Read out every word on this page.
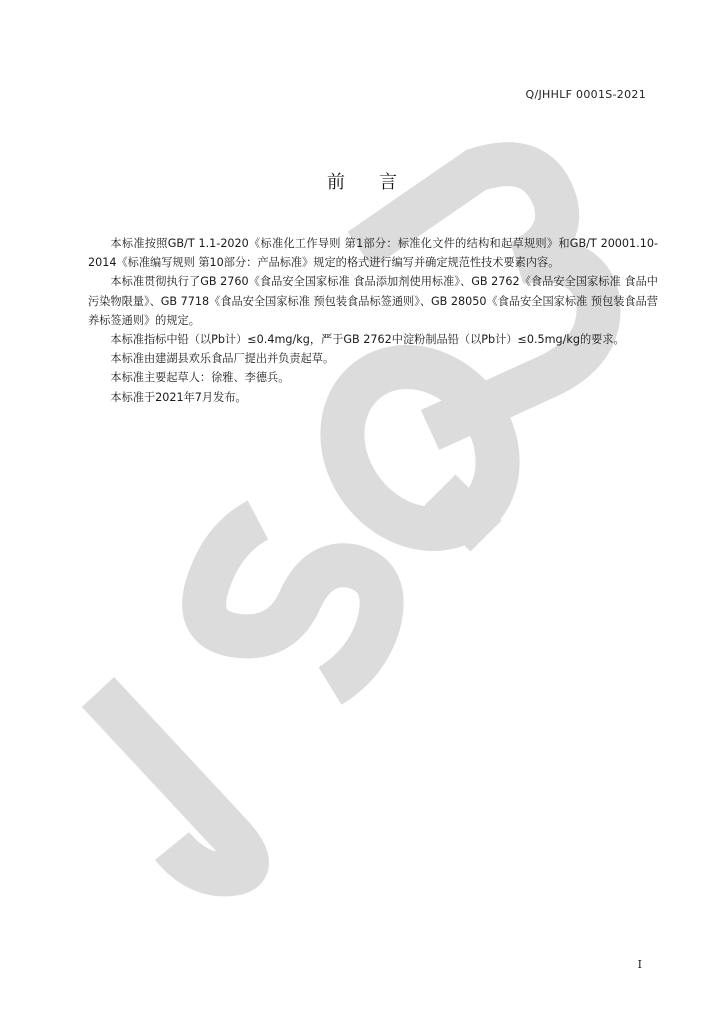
Q/JHHLF 0001S-2021
前言

本标准按照GB/T 1.1-2020《标准化工作导则 第1部分：标准化文件的结构和起草规则》和GB/T 20001.10-2014《标准编写规则 第10部分：产品标准》规定的格式进行编写并确定规范性技术要素内容。

本标准贯彻执行了GB 2760《食品安全国家标准 食品添加剂使用标准》、GB 2762《食品安全国家标准 食品中污染物限量》、GB 7718《食品安全国家标准 预包装食品标签通则》、GB 28050《食品安全国家标准 预包装食品营养标签通则》的规定。

本标准指标中铅（以Pb计）≤0.4mg/kg，严于GB 2762中淀粉制品铅（以Pb计）≤0.5mg/kg的要求。

本标准由建湖县欢乐食品厂提出并负责起草。

本标准主要起草人：徐雅、李德兵。

本标准于2021年7月发布。

I
